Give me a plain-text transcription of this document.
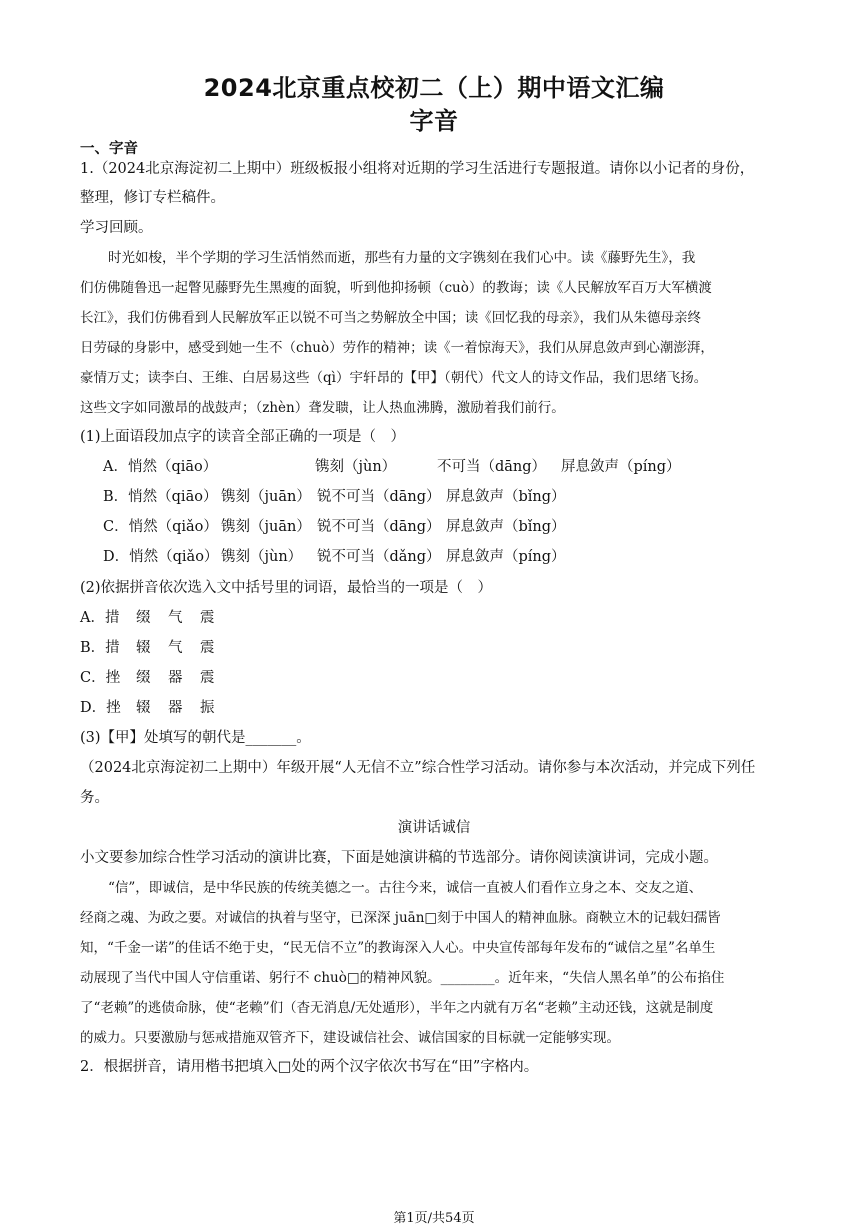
2024北京重点校初二（上）期中语文汇编
字音
一、字音
1.（2024北京海淀初二上期中）班级板报小组将对近期的学习生活进行专题报道。请你以小记者的身份，
整理，修订专栏稿件。
学习回顾。
时光如梭，半个学期的学习生活悄然而逝，那些有力量的文字镌刻在我们心中。读《藤野先生》，我
们仿佛随鲁迅一起瞥见藤野先生黑瘦的面貌，听到他抑扬顿（cuò）的教诲；读《人民解放军百万大军横渡
长江》，我们仿佛看到人民解放军正以锐不可当之势解放全中国；读《回忆我的母亲》，我们从朱德母亲终
日劳碌的身影中，感受到她一生不（chuò）劳作的精神；读《一着惊海天》，我们从屏息敛声到心潮澎湃，
豪情万丈；读李白、王维、白居易这些（qì）宇轩昂的【甲】（朝代）代文人的诗文作品，我们思绪飞扬。
这些文字如同激昂的战鼓声；（zhèn）聋发聩，让人热血沸腾，激励着我们前行。
(1)上面语段加点字的读音全部正确的一项是（　）
A．悄然（qiāo）	镌刻（jùn）	不可当（dāng） 屏息敛声（píng）
B．悄然（qiāo） 镌刻（juān） 锐不可当（dāng） 屏息敛声（bǐng）
C．悄然（qiǎo） 镌刻（juān） 锐不可当（dāng） 屏息敛声（bǐng）
D．悄然（qiǎo） 镌刻（jùn） 锐不可当（dǎng） 屏息敛声（píng）
(2)依据拼音依次选入文中括号里的词语，最恰当的一项是（　）
A．措 缀 气 震
B．措 辍 气 震
C．挫 缀 器 震
D．挫 辍 器 振
(3)【甲】处填写的朝代是_______。
（2024北京海淀初二上期中）年级开展“人无信不立”综合性学习活动。请你参与本次活动，并完成下列任
务。
演讲话诚信
小文要参加综合性学习活动的演讲比赛，下面是她演讲稿的节选部分。请你阅读演讲词，完成小题。
“信”，即诚信，是中华民族的传统美德之一。古往今来，诚信一直被人们看作立身之本、交友之道、
经商之魂、为政之要。对诚信的执着与坚守，已深深 juān□刻于中国人的精神血脉。商鞅立木的记载妇孺皆
知，“千金一诺”的佳话不绝于史，“民无信不立”的教诲深入人心。中央宣传部每年发布的“诚信之星”名单生
动展现了当代中国人守信重诺、躬行不 chuò□的精神风貌。________。近年来，“失信人黑名单”的公布掐住
了“老赖”的逃债命脉，使“老赖”们（杳无消息/无处遁形），半年之内就有万名“老赖”主动还钱，这就是制度
的威力。只要激励与惩戒措施双管齐下，建设诚信社会、诚信国家的目标就一定能够实现。
2．根据拼音，请用楷书把填入□处的两个汉字依次书写在“田”字格内。
第1页/共54页
